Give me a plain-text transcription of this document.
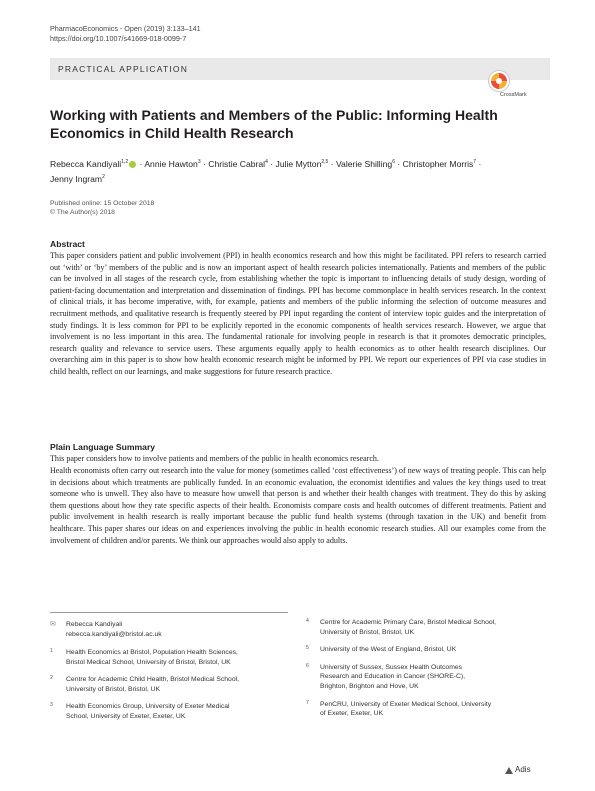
PharmacoEconomics - Open (2019) 3:133–141
https://doi.org/10.1007/s41669-018-0099-7
PRACTICAL APPLICATION
CrossMark
Working with Patients and Members of the Public: Informing Health Economics in Child Health Research
Rebecca Kandiyali$^{1,2}$ · Annie Hawton$^3$ · Christie Cabral$^4$ · Julie Mytton$^{2,5}$ · Valerie Shilling$^6$ · Christopher Morris$^7$ ·
Jenny Ingram$^2$
Published online: 15 October 2018
© The Author(s) 2018
Abstract
This paper considers patient and public involvement (PPI) in health economics research and how this might be facilitated. PPI refers to research carried out ‘with’ or ‘by’ members of the public and is now an important aspect of health research policies internationally. Patients and members of the public can be involved in all stages of the research cycle, from establishing whether the topic is important to influencing details of study design, wording of patient-facing documentation and interpretation and dissemination of findings. PPI has become commonplace in health services research. In the context of clinical trials, it has become imperative, with, for example, patients and members of the public informing the selection of outcome measures and recruitment methods, and qualitative research is frequently steered by PPI input regarding the content of interview topic guides and the interpretation of study findings. It is less common for PPI to be explicitly reported in the economic components of health services research. However, we argue that involvement is no less important in this area. The fundamental rationale for involving people in research is that it promotes democratic principles, research quality and relevance to service users. These arguments equally apply to health economics as to other health research disciplines. Our overarching aim in this paper is to show how health economic research might be informed by PPI. We report our experiences of PPI via case studies in child health, reflect on our learnings, and make suggestions for future research practice.
Plain Language Summary
This paper considers how to involve patients and members of the public in health economics research.
Health economists often carry out research into the value for money (sometimes called ‘cost effectiveness’) of new ways of treating people. This can help in decisions about which treatments are publically funded. In an economic evaluation, the economist identifies and values the key things used to treat someone who is unwell. They also have to measure how unwell that person is and whether their health changes with treatment. They do this by asking them questions about how they rate specific aspects of their health. Economists compare costs and health outcomes of different treatments. Patient and public involvement in health research is really important because the public fund health systems (through taxation in the UK) and benefit from healthcare. This paper shares our ideas on and experiences involving the public in health economic research studies. All our examples come from the involvement of children and/or parents. We think our approaches would also apply to adults.
✉	Rebecca Kandiyali
rebecca.kandiyali@bristol.ac.uk
Adis
1 Health Economics at Bristol, Population Health Sciences,
Bristol Medical School, University of Bristol, Bristol, UK
2 Centre for Academic Child Health, Bristol Medical School,
University of Bristol, Bristol, UK
3 Health Economics Group, University of Exeter Medical
School, University of Exeter, Exeter, UK
4 Centre for Academic Primary Care, Bristol Medical School,
University of Bristol, Bristol, UK
5 University of the West of England, Bristol, UK
6 University of Sussex, Sussex Health Outcomes
Research and Education in Cancer (SHORE-C),
Brighton, Brighton and Hove, UK
7 PenCRU, University of Exeter Medical School, University
of Exeter, Exeter, UK
